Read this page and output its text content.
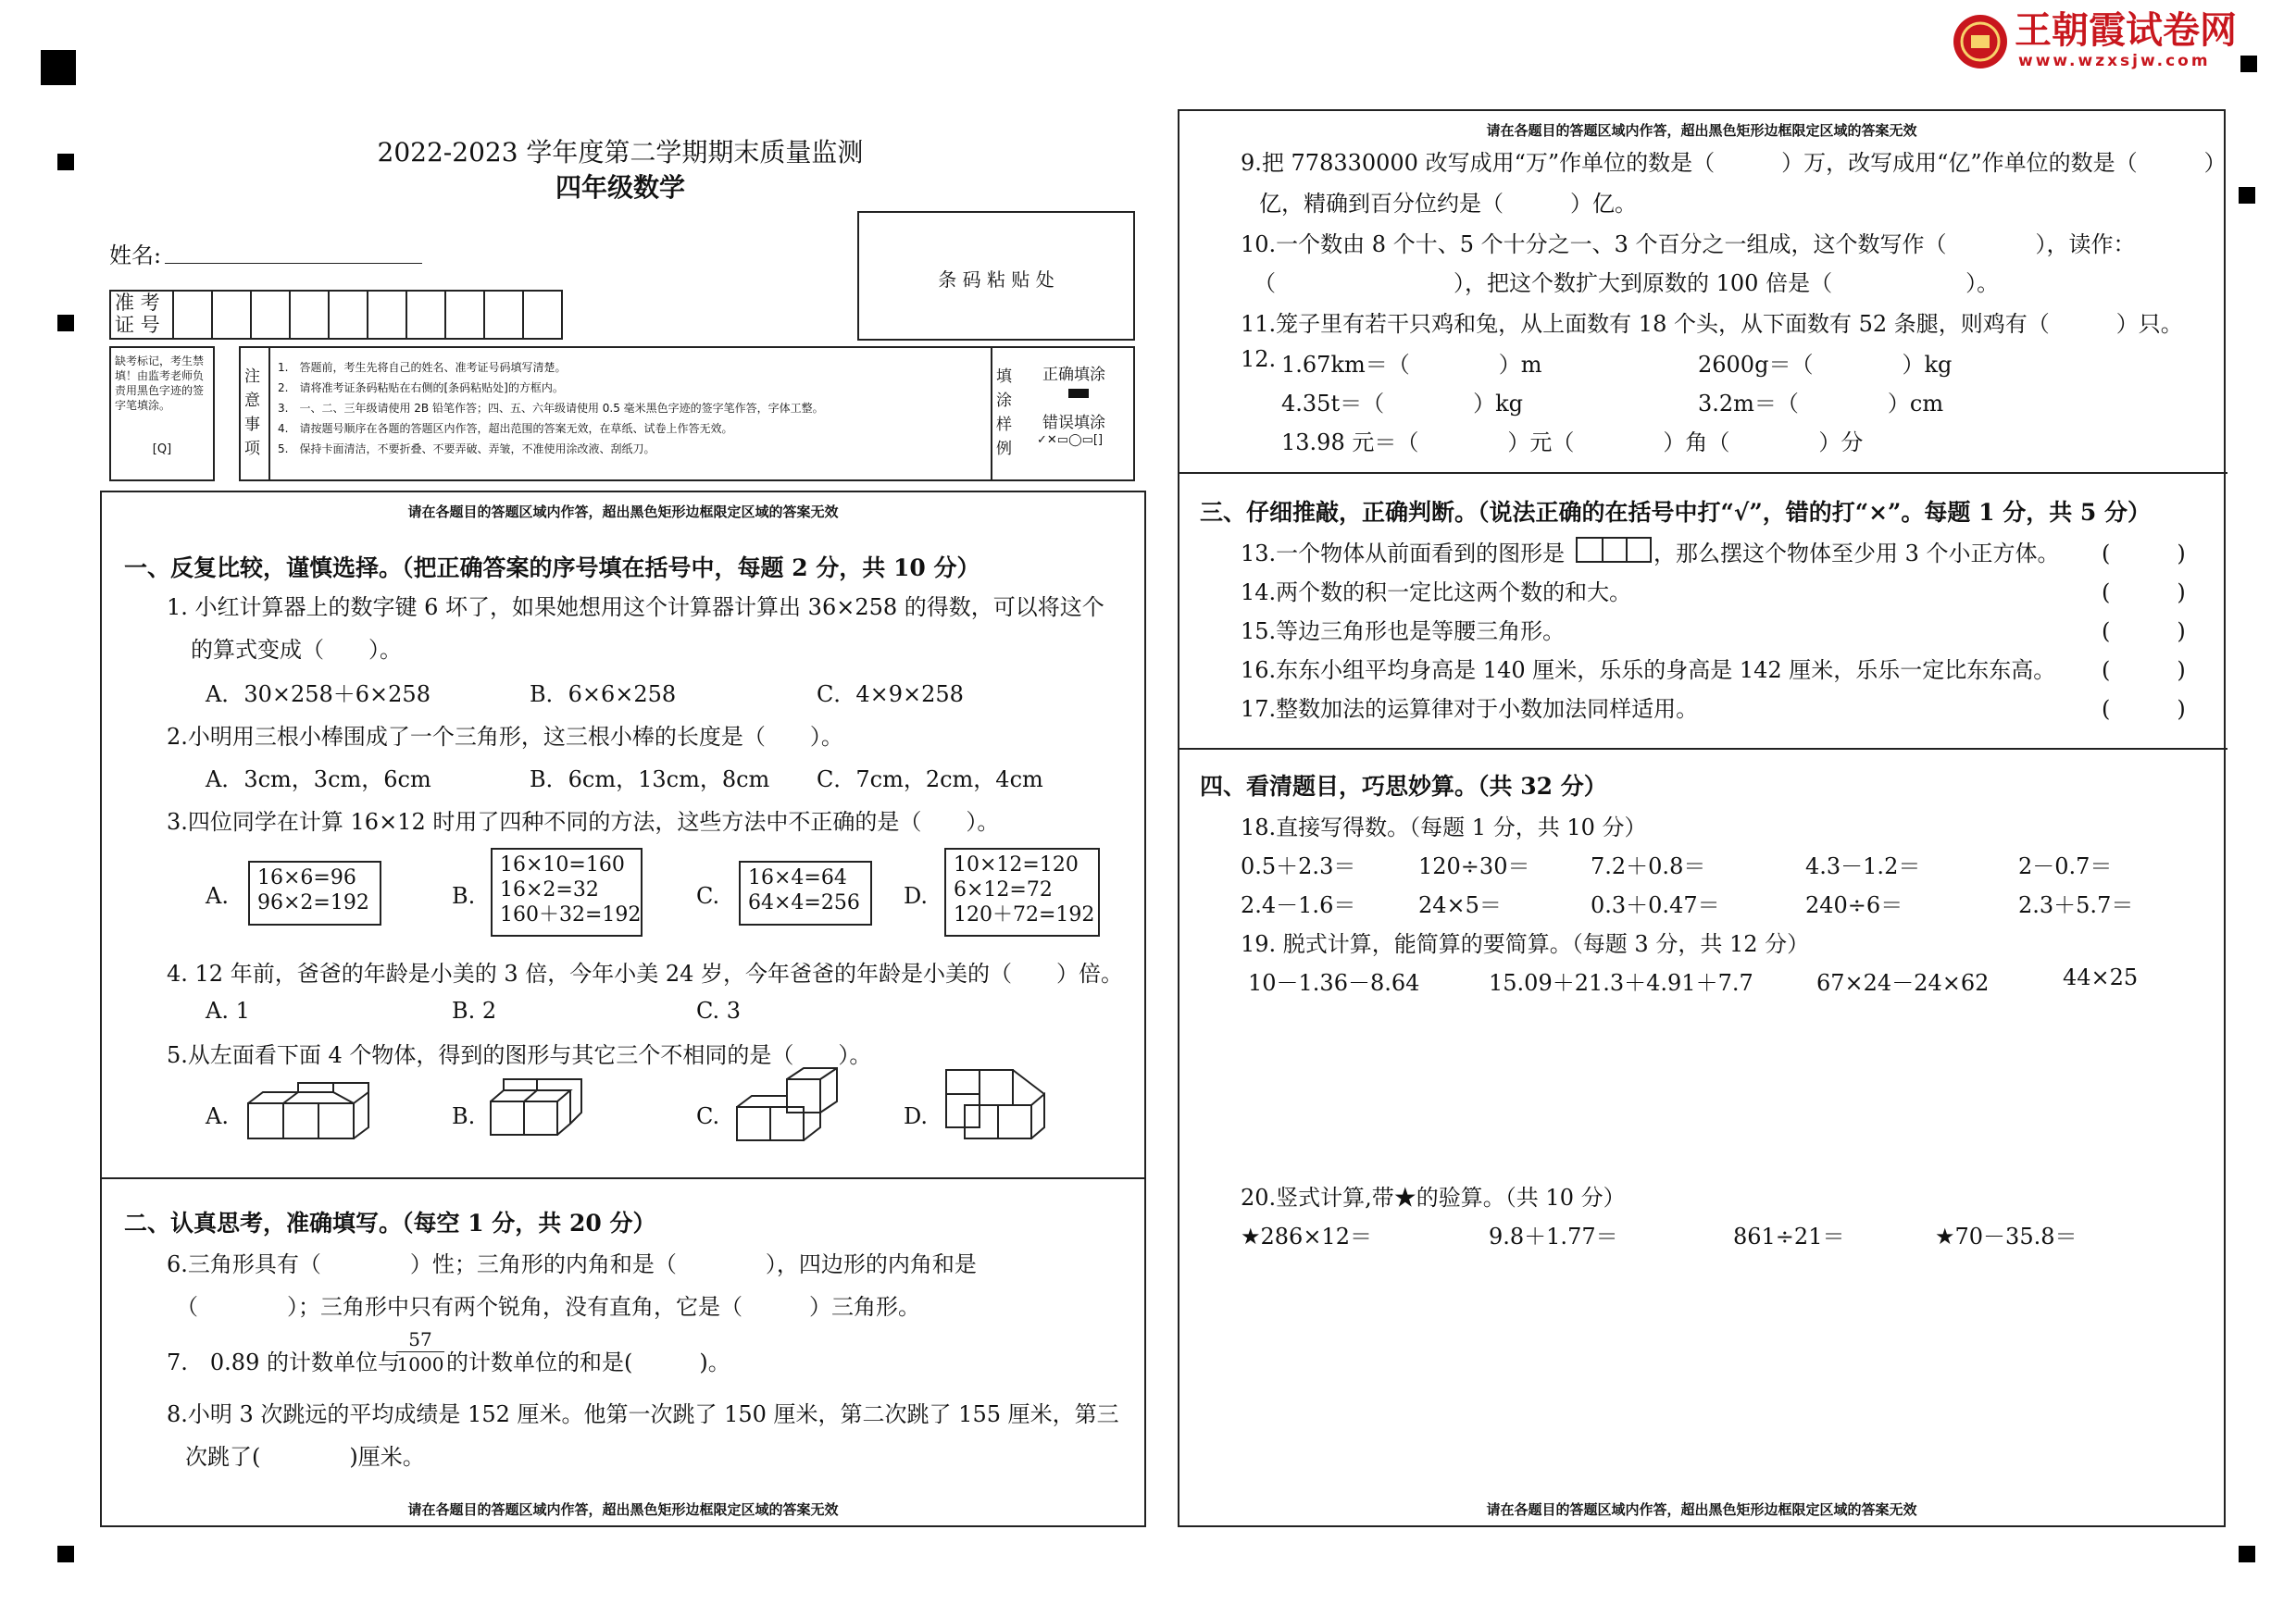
王朝霞试卷网
www.wzxsjw.com
2022-2023 学年度第二学期期末质量监测
四年级数学
姓名:
准 考
证 号
条 码 粘 贴 处
缺考标记，考生禁填！由监考老师负责用黑色字迹的签字笔填涂。
[Q]
注
意
事
项
1.　答题前，考生先将自己的姓名、准考证号码填写清楚。
2.　请将准考证条码粘贴在右侧的[条码粘贴处]的方框内。
3.　一、二、三年级请使用 2B 铅笔作答；四、五、六年级请使用 0.5 毫米黑色字迹的签字笔作答，字体工整。
4.　请按题号顺序在各题的答题区内作答，超出范围的答案无效，在草纸、试卷上作答无效。
5.　保持卡面清洁，不要折叠、不要弄破、弄皱，不准使用涂改液、刮纸刀。
填
涂
样
例
正确填涂
错误填涂
✓✕▭◯▭[]
请在各题目的答题区域内作答，超出黑色矩形边框限定区域的答案无效
一、反复比较，谨慎选择。（把正确答案的序号填在括号中，每题 2 分，共 10 分）
1. 小红计算器上的数字键 6 坏了，如果她想用这个计算器计算出 36×258 的得数，可以将这个
的算式变成（　　）。
A．30×258＋6×258	B．6×6×258	C．4×9×258
2.小明用三根小棒围成了一个三角形，这三根小棒的长度是（　　）。
A．3cm，3cm，6cm	B．6cm，13cm，8cm C．7cm，2cm，4cm
3.四位同学在计算 16×12 时用了四种不同的方法，这些方法中不正确的是（　　）。
A.
16×6=96
96×2=192	B.
16×10=160
16×2=32
160＋32=192
C.
16×4=64
64×4=256 D.
10×12=120
6×12=72
120＋72=192
4. 12 年前，爸爸的年龄是小美的 3 倍，今年小美 24 岁，今年爸爸的年龄是小美的（　　）倍。
A. 1	B. 2	C. 3
5.从左面看下面 4 个物体，得到的图形与其它三个不相同的是（　　）。
A.	B.	C.	D.
二、认真思考，准确填写。（每空 1 分，共 20 分）
6.三角形具有（　　　　）性；三角形的内角和是（　　　　），四边形的内角和是
（　　　　）；三角形中只有两个锐角，没有直角，它是（　　　）三角形。
7.　0.89 的计数单位与
$\frac{57}{1000}$ 的计数单位的和是(　　　)。
8.小明 3 次跳远的平均成绩是 152 厘米。他第一次跳了 150 厘米，第二次跳了 155 厘米，第三
次跳了(　　　　)厘米。
请在各题目的答题区域内作答，超出黑色矩形边框限定区域的答案无效
请在各题目的答题区域内作答，超出黑色矩形边框限定区域的答案无效
9.把 778330000 改写成用“万”作单位的数是（　　　）万，改写成用“亿”作单位的数是（　　　）
亿，精确到百分位约是（　　　）亿。
10.一个数由 8 个十、5 个十分之一、3 个百分之一组成，这个数写作（　　　　），读作：
（　　　　　　　　），把这个数扩大到原数的 100 倍是（　　　　　　）。
11.笼子里有若干只鸡和兔，从上面数有 18 个头，从下面数有 52 条腿，则鸡有（　　　）只。
12. 1.67km＝（　　　　）m	2600g＝（　　　　）kg
4.35t＝（　　　　）kg	3.2m＝（　　　　）cm
13.98 元＝（　　　　）元（　　　　）角（　　　　）分
三、仔细推敲，正确判断。（说法正确的在括号中打“√”，错的打“×”。每题 1 分，共 5 分）
13.一个物体从前面看到的图形是	，那么摆这个物体至少用 3 个小正方体。 (　　　)
14.两个数的积一定比这两个数的和大。	(　　　)
15.等边三角形也是等腰三角形。	(　　　)
16.东东小组平均身高是 140 厘米，乐乐的身高是 142 厘米，乐乐一定比东东高。 (　　　)
17.整数加法的运算律对于小数加法同样适用。	(　　　)
四、看清题目，巧思妙算。（共 32 分）
18.直接写得数。（每题 1 分，共 10 分）
0.5＋2.3＝	120÷30＝	7.2＋0.8＝	4.3－1.2＝	2－0.7＝
2.4－1.6＝	24×5＝	0.3＋0.47＝	240÷6＝	2.3＋5.7＝
19. 脱式计算，能简算的要简算。（每题 3 分，共 12 分）
10－1.36－8.64	15.09＋21.3＋4.91＋7.7	67×24－24×62	44×25
20.竖式计算,带★的验算。（共 10 分）
★286×12＝	9.8＋1.77＝	861÷21＝	★70－35.8＝
请在各题目的答题区域内作答，超出黑色矩形边框限定区域的答案无效
